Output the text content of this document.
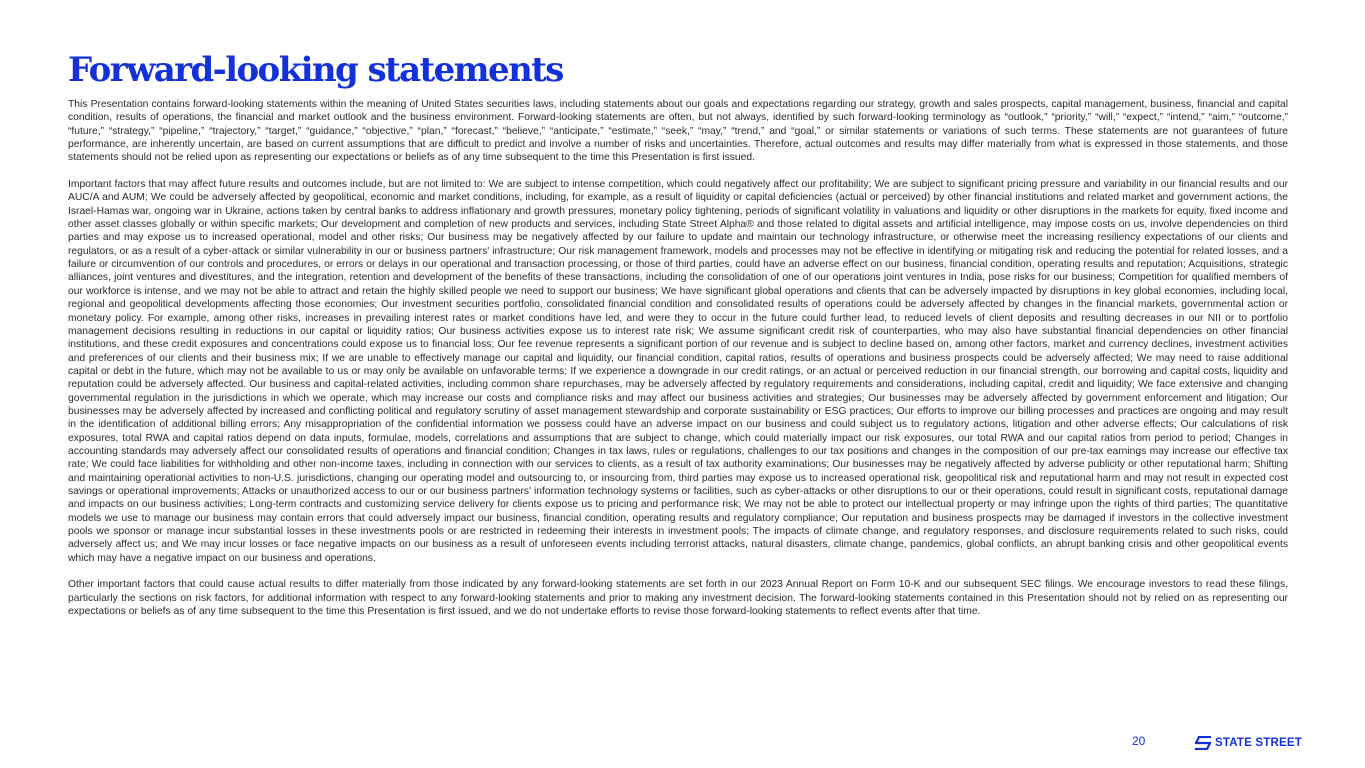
Forward-looking statements

This Presentation contains forward-looking statements within the meaning of United States securities laws, including statements about our goals and expectations regarding our strategy, growth and sales prospects, capital management, business, financial and capital condition, results of operations, the financial and market outlook and the business environment. Forward-looking statements are often, but not always, identified by such forward-looking terminology as “outlook,” “priority,” “will,” “expect,” “intend,” “aim,” “outcome,” “future,” “strategy,” “pipeline,” “trajectory,” “target,” “guidance,” “objective,” “plan,” “forecast,” “believe,” “anticipate,” “estimate,” “seek,” “may,” “trend,” and “goal,” or similar statements or variations of such terms. These statements are not guarantees of future performance, are inherently uncertain, are based on current assumptions that are difficult to predict and involve a number of risks and uncertainties. Therefore, actual outcomes and results may differ materially from what is expressed in those statements, and those statements should not be relied upon as representing our expectations or beliefs as of any time subsequent to the time this Presentation is first issued.

Important factors that may affect future results and outcomes include, but are not limited to: We are subject to intense competition, which could negatively affect our profitability; We are subject to significant pricing pressure and variability in our financial results and our AUC/A and AUM; We could be adversely affected by geopolitical, economic and market conditions, including, for example, as a result of liquidity or capital deficiencies (actual or perceived) by other financial institutions and related market and government actions, the Israel-Hamas war, ongoing war in Ukraine, actions taken by central banks to address inflationary and growth pressures, monetary policy tightening, periods of significant volatility in valuations and liquidity or other disruptions in the markets for equity, fixed income and other asset classes globally or within specific markets; Our development and completion of new products and services, including State Street Alpha® and those related to digital assets and artificial intelligence, may impose costs on us, involve dependencies on third parties and may expose us to increased operational, model and other risks; Our business may be negatively affected by our failure to update and maintain our technology infrastructure, or otherwise meet the increasing resiliency expectations of our clients and regulators, or as a result of a cyber-attack or similar vulnerability in our or business partners' infrastructure; Our risk management framework, models and processes may not be effective in identifying or mitigating risk and reducing the potential for related losses, and a failure or circumvention of our controls and procedures, or errors or delays in our operational and transaction processing, or those of third parties, could have an adverse effect on our business, financial condition, operating results and reputation; Acquisitions, strategic alliances, joint ventures and divestitures, and the integration, retention and development of the benefits of these transactions, including the consolidation of one of our operations joint ventures in India, pose risks for our business; Competition for qualified members of our workforce is intense, and we may not be able to attract and retain the highly skilled people we need to support our business; We have significant global operations and clients that can be adversely impacted by disruptions in key global economies, including local, regional and geopolitical developments affecting those economies; Our investment securities portfolio, consolidated financial condition and consolidated results of operations could be adversely affected by changes in the financial markets, governmental action or monetary policy. For example, among other risks, increases in prevailing interest rates or market conditions have led, and were they to occur in the future could further lead, to reduced levels of client deposits and resulting decreases in our NII or to portfolio management decisions resulting in reductions in our capital or liquidity ratios; Our business activities expose us to interest rate risk; We assume significant credit risk of counterparties, who may also have substantial financial dependencies on other financial institutions, and these credit exposures and concentrations could expose us to financial loss; Our fee revenue represents a significant portion of our revenue and is subject to decline based on, among other factors, market and currency declines, investment activities and preferences of our clients and their business mix; If we are unable to effectively manage our capital and liquidity, our financial condition, capital ratios, results of operations and business prospects could be adversely affected; We may need to raise additional capital or debt in the future, which may not be available to us or may only be available on unfavorable terms; If we experience a downgrade in our credit ratings, or an actual or perceived reduction in our financial strength, our borrowing and capital costs, liquidity and reputation could be adversely affected. Our business and capital-related activities, including common share repurchases, may be adversely affected by regulatory requirements and considerations, including capital, credit and liquidity; We face extensive and changing governmental regulation in the jurisdictions in which we operate, which may increase our costs and compliance risks and may affect our business activities and strategies; Our businesses may be adversely affected by government enforcement and litigation; Our businesses may be adversely affected by increased and conflicting political and regulatory scrutiny of asset management stewardship and corporate sustainability or ESG practices; Our efforts to improve our billing processes and practices are ongoing and may result in the identification of additional billing errors; Any misappropriation of the confidential information we possess could have an adverse impact on our business and could subject us to regulatory actions, litigation and other adverse effects; Our calculations of risk exposures, total RWA and capital ratios depend on data inputs, formulae, models, correlations and assumptions that are subject to change, which could materially impact our risk exposures, our total RWA and our capital ratios from period to period; Changes in accounting standards may adversely affect our consolidated results of operations and financial condition; Changes in tax laws, rules or regulations, challenges to our tax positions and changes in the composition of our pre-tax earnings may increase our effective tax rate; We could face liabilities for withholding and other non-income taxes, including in connection with our services to clients, as a result of tax authority examinations; Our businesses may be negatively affected by adverse publicity or other reputational harm; Shifting and maintaining operational activities to non-U.S. jurisdictions, changing our operating model and outsourcing to, or insourcing from, third parties may expose us to increased operational risk, geopolitical risk and reputational harm and may not result in expected cost savings or operational improvements; Attacks or unauthorized access to our or our business partners' information technology systems or facilities, such as cyber-attacks or other disruptions to our or their operations, could result in significant costs, reputational damage and impacts on our business activities; Long-term contracts and customizing service delivery for clients expose us to pricing and performance risk; We may not be able to protect our intellectual property or may infringe upon the rights of third parties; The quantitative models we use to manage our business may contain errors that could adversely impact our business, financial condition, operating results and regulatory compliance; Our reputation and business prospects may be damaged if investors in the collective investment pools we sponsor or manage incur substantial losses in these investments pools or are restricted in redeeming their interests in investment pools; The impacts of climate change, and regulatory responses, and disclosure requirements related to such risks, could adversely affect us; and We may incur losses or face negative impacts on our business as a result of unforeseen events including terrorist attacks, natural disasters, climate change, pandemics, global conflicts, an abrupt banking crisis and other geopolitical events which may have a negative impact on our business and operations.

Other important factors that could cause actual results to differ materially from those indicated by any forward-looking statements are set forth in our 2023 Annual Report on Form 10-K and our subsequent SEC filings. We encourage investors to read these filings, particularly the sections on risk factors, for additional information with respect to any forward-looking statements and prior to making any investment decision. The forward-looking statements contained in this Presentation should not by relied on as representing our expectations or beliefs as of any time subsequent to the time this Presentation is first issued, and we do not undertake efforts to revise those forward-looking statements to reflect events after that time.

20	STATE STREET
